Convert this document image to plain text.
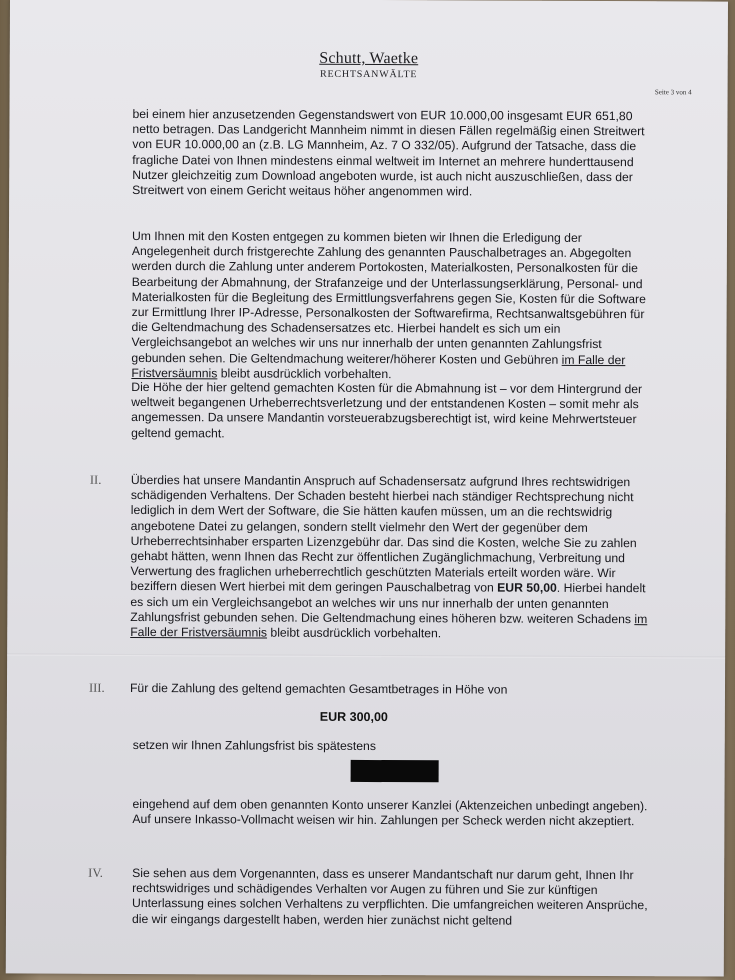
Schutt, Waetke
RECHTSANWÄLTE
Seite 3 von 4

bei einem hier anzusetzenden Gegenstandswert von EUR 10.000,00 insgesamt EUR 651,80 netto betragen. Das Landgericht Mannheim nimmt in diesen Fällen regelmäßig einen Streitwert von EUR 10.000,00 an (z.B. LG Mannheim, Az. 7 O 332/05). Aufgrund der Tatsache, dass die fragliche Datei von Ihnen mindestens einmal weltweit im Internet an mehrere hunderttausend Nutzer gleichzeitig zum Download angeboten wurde, ist auch nicht auszuschließen, dass der Streitwert von einem Gericht weitaus höher angenommen wird.

Um Ihnen mit den Kosten entgegen zu kommen bieten wir Ihnen die Erledigung der Angelegenheit durch fristgerechte Zahlung des genannten Pauschalbetrages an. Abgegolten werden durch die Zahlung unter anderem Portokosten, Materialkosten, Personalkosten für die Bearbeitung der Abmahnung, der Strafanzeige und der Unterlassungserklärung, Personal- und Materialkosten für die Begleitung des Ermittlungsverfahrens gegen Sie, Kosten für die Software zur Ermittlung Ihrer IP-Adresse, Personalkosten der Softwarefirma, Rechtsanwaltsgebühren für die Geltendmachung des Schadensersatzes etc. Hierbei handelt es sich um ein Vergleichsangebot an welches wir uns nur innerhalb der unten genannten Zahlungsfrist gebunden sehen. Die Geltendmachung weiterer/höherer Kosten und Gebühren im Falle der Fristversäumnis bleibt ausdrücklich vorbehalten.

Die Höhe der hier geltend gemachten Kosten für die Abmahnung ist – vor dem Hintergrund der weltweit begangenen Urheberrechtsverletzung und der entstandenen Kosten – somit mehr als angemessen. Da unsere Mandantin vorsteuerabzugsberechtigt ist, wird keine Mehrwertsteuer geltend gemacht.

II. Überdies hat unsere Mandantin Anspruch auf Schadensersatz aufgrund Ihres rechtswidrigen schädigenden Verhaltens. Der Schaden besteht hierbei nach ständiger Rechtsprechung nicht lediglich in dem Wert der Software, die Sie hätten kaufen müssen, um an die rechtswidrig angebotene Datei zu gelangen, sondern stellt vielmehr den Wert der gegenüber dem Urheberrechtsinhaber ersparten Lizenzgebühr dar. Das sind die Kosten, welche Sie zu zahlen gehabt hätten, wenn Ihnen das Recht zur öffentlichen Zugänglichmachung, Verbreitung und Verwertung des fraglichen urheberrechtlich geschützten Materials erteilt worden wäre. Wir beziffern diesen Wert hierbei mit dem geringen Pauschalbetrag von EUR 50,00. Hierbei handelt es sich um ein Vergleichsangebot an welches wir uns nur innerhalb der unten genannten Zahlungsfrist gebunden sehen. Die Geltendmachung eines höheren bzw. weiteren Schadens im Falle der Fristversäumnis bleibt ausdrücklich vorbehalten.

III. Für die Zahlung des geltend gemachten Gesamtbetrages in Höhe von

EUR 300,00

setzen wir Ihnen Zahlungsfrist bis spätestens

eingehend auf dem oben genannten Konto unserer Kanzlei (Aktenzeichen unbedingt angeben). Auf unsere Inkasso-Vollmacht weisen wir hin. Zahlungen per Scheck werden nicht akzeptiert.

IV. Sie sehen aus dem Vorgenannten, dass es unserer Mandantschaft nur darum geht, Ihnen Ihr rechtswidriges und schädigendes Verhalten vor Augen zu führen und Sie zur künftigen Unterlassung eines solchen Verhaltens zu verpflichten. Die umfangreichen weiteren Ansprüche, die wir eingangs dargestellt haben, werden hier zunächst nicht geltend
